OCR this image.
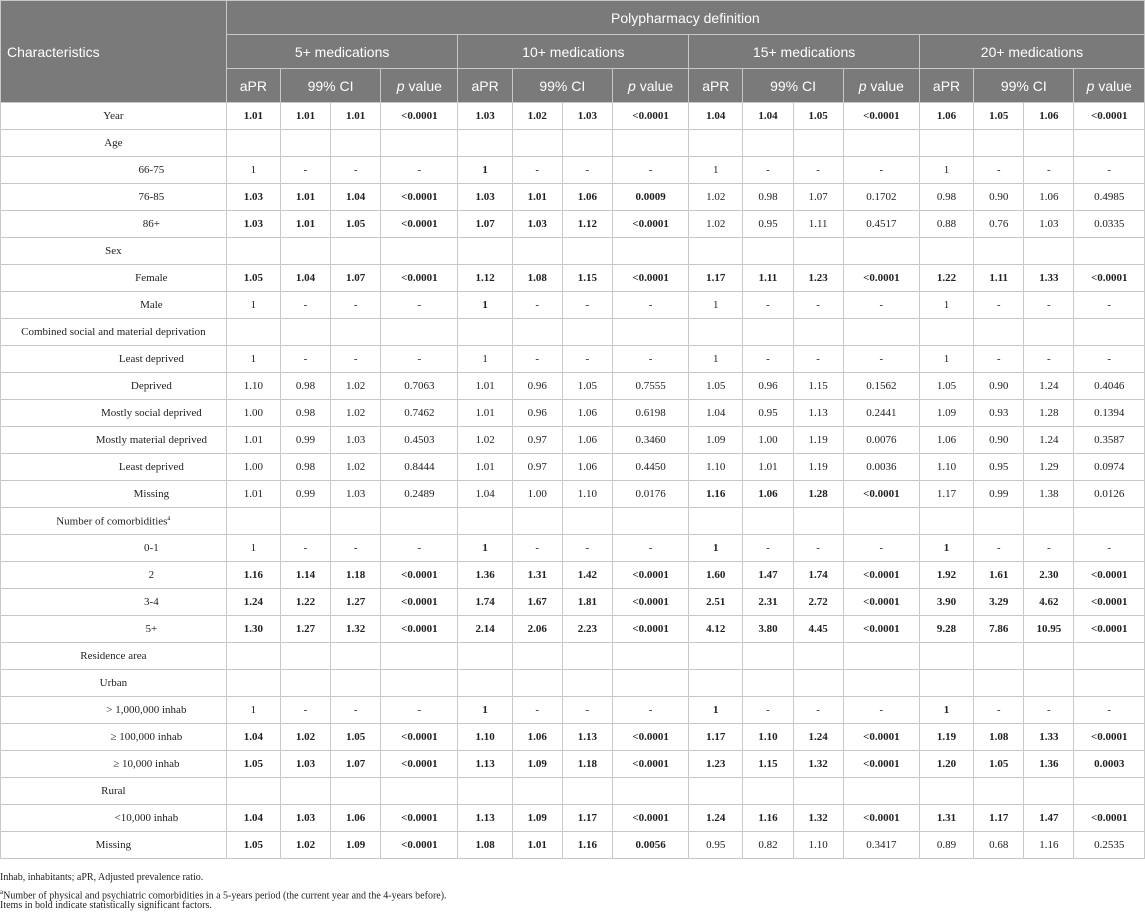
Characteristics	Polypharmacy definition															
	5+ medications				10+ medications				15+ medications				20+ medications			
	aPR	99% CI		p value	aPR	99% CI		p value	aPR	99% CI		p value	aPR	99% CI		p value
Year	1.01	1.01	1.01	<0.0001	1.03	1.02	1.03	<0.0001	1.04	1.04	1.05	<0.0001	1.06	1.05	1.06	<0.0001
Age																
66-75	1	-	-	-	1	-	-	-	1	-	-	-	1	-	-	-
76-85	1.03	1.01	1.04	<0.0001	1.03	1.01	1.06	0.0009	1.02	0.98	1.07	0.1702	0.98	0.90	1.06	0.4985
86+	1.03	1.01	1.05	<0.0001	1.07	1.03	1.12	<0.0001	1.02	0.95	1.11	0.4517	0.88	0.76	1.03	0.0335
Sex																
Female	1.05	1.04	1.07	<0.0001	1.12	1.08	1.15	<0.0001	1.17	1.11	1.23	<0.0001	1.22	1.11	1.33	<0.0001
Male	1	-	-	-	1	-	-	-	1	-	-	-	1	-	-	-
Combined social and material deprivation																
Least deprived	1	-	-	-	1	-	-	-	1	-	-	-	1	-	-	-
Deprived	1.10	0.98	1.02	0.7063	1.01	0.96	1.05	0.7555	1.05	0.96	1.15	0.1562	1.05	0.90	1.24	0.4046
Mostly social deprived	1.00	0.98	1.02	0.7462	1.01	0.96	1.06	0.6198	1.04	0.95	1.13	0.2441	1.09	0.93	1.28	0.1394
Mostly material deprived	1.01	0.99	1.03	0.4503	1.02	0.97	1.06	0.3460	1.09	1.00	1.19	0.0076	1.06	0.90	1.24	0.3587
Least deprived	1.00	0.98	1.02	0.8444	1.01	0.97	1.06	0.4450	1.10	1.01	1.19	0.0036	1.10	0.95	1.29	0.0974
Missing	1.01	0.99	1.03	0.2489	1.04	1.00	1.10	0.0176	1.16	1.06	1.28	<0.0001	1.17	0.99	1.38	0.0126
Number of comorbidities$^a$																
0-1	1	-	-	-	1	-	-	-	1	-	-	-	1	-	-	-
2	1.16	1.14	1.18	<0.0001	1.36	1.31	1.42	<0.0001	1.60	1.47	1.74	<0.0001	1.92	1.61	2.30	<0.0001
3-4	1.24	1.22	1.27	<0.0001	1.74	1.67	1.81	<0.0001	2.51	2.31	2.72	<0.0001	3.90	3.29	4.62	<0.0001
5+	1.30	1.27	1.32	<0.0001	2.14	2.06	2.23	<0.0001	4.12	3.80	4.45	<0.0001	9.28	7.86	10.95	<0.0001
Residence area																
Urban																
> 1,000,000 inhab	1	-	-	-	1	-	-	-	1	-	-	-	1	-	-	-
≥ 100,000 inhab	1.04	1.02	1.05	<0.0001	1.10	1.06	1.13	<0.0001	1.17	1.10	1.24	<0.0001	1.19	1.08	1.33	<0.0001
≥ 10,000 inhab	1.05	1.03	1.07	<0.0001	1.13	1.09	1.18	<0.0001	1.23	1.15	1.32	<0.0001	1.20	1.05	1.36	0.0003
Rural																
<10,000 inhab	1.04	1.03	1.06	<0.0001	1.13	1.09	1.17	<0.0001	1.24	1.16	1.32	<0.0001	1.31	1.17	1.47	<0.0001
Missing	1.05	1.02	1.09	<0.0001	1.08	1.01	1.16	0.0056	0.95	0.82	1.10	0.3417	0.89	0.68	1.16	0.2535
Inhab, inhabitants; aPR, Adjusted prevalence ratio.
$^a$Number of physical and psychiatric comorbidities in a 5-years period (the current year and the 4-years before).
Items in bold indicate statistically significant factors.
